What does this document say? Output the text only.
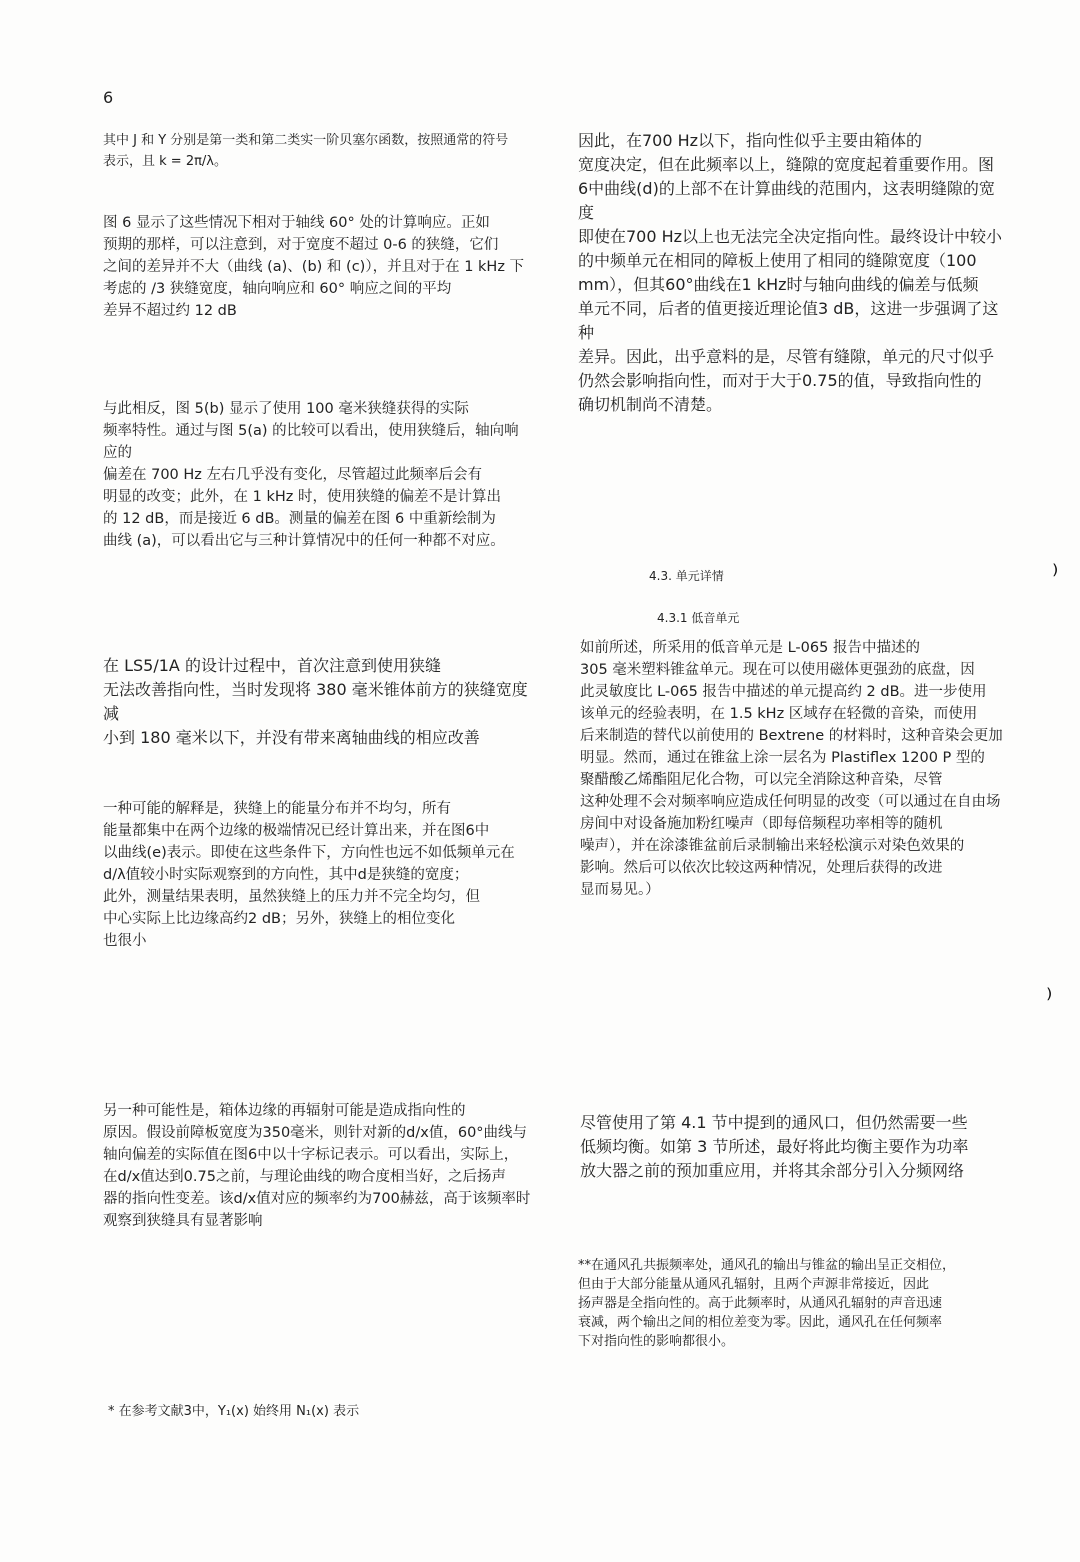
6

其中 J 和 Y 分别是第一类和第二类实一阶贝塞尔函数，按照通常的符号
表示，且 k = 2π/λ。

图 6 显示了这些情况下相对于轴线 60° 处的计算响应。正如
预期的那样，可以注意到，对于宽度不超过 0-6 的狭缝，它们
之间的差异并不大（曲线 (a)、(b) 和 (c)），并且对于在 1 kHz 下
考虑的 /3 狭缝宽度，轴向响应和 60° 响应之间的平均
差异不超过约 12 dB

与此相反，图 5(b) 显示了使用 100 毫米狭缝获得的实际
频率特性。通过与图 5(a) 的比较可以看出，使用狭缝后，轴向响应的
偏差在 700 Hz 左右几乎没有变化，尽管超过此频率后会有
明显的改变；此外，在 1 kHz 时，使用狭缝的偏差不是计算出
的 12 dB，而是接近 6 dB。测量的偏差在图 6 中重新绘制为
曲线 (a)，可以看出它与三种计算情况中的任何一种都不对应。

在 LS5/1A 的设计过程中，首次注意到使用狭缝
无法改善指向性，当时发现将 380 毫米锥体前方的狭缝宽度减
小到 180 毫米以下，并没有带来离轴曲线的相应改善

一种可能的解释是，狭缝上的能量分布并不均匀，所有
能量都集中在两个边缘的极端情况已经计算出来，并在图6中
以曲线(e)表示。即使在这些条件下，方向性也远不如低频单元在
d/λ值较小时实际观察到的方向性，其中d是狭缝的宽度；
此外，测量结果表明，虽然狭缝上的压力并不完全均匀，但
中心实际上比边缘高约2 dB；另外，狭缝上的相位变化
也很小

另一种可能性是，箱体边缘的再辐射可能是造成指向性的
原因。假设前障板宽度为350毫米，则针对新的d/x值，60°曲线与
轴向偏差的实际值在图6中以十字标记表示。可以看出，实际上，
在d/x值达到0.75之前，与理论曲线的吻合度相当好，之后扬声
器的指向性变差。该d/x值对应的频率约为700赫兹，高于该频率时
观察到狭缝具有显著影响

* 在参考文献3中，Y₁(x) 始终用 N₁(x) 表示

因此，在700 Hz以下，指向性似乎主要由箱体的
宽度决定，但在此频率以上，缝隙的宽度起着重要作用。图
6中曲线(d)的上部不在计算曲线的范围内，这表明缝隙的宽度
即使在700 Hz以上也无法完全决定指向性。最终设计中较小
的中频单元在相同的障板上使用了相同的缝隙宽度（100
mm），但其60°曲线在1 kHz时与轴向曲线的偏差与低频
单元不同，后者的值更接近理论值3 dB，这进一步强调了这种
差异。因此，出乎意料的是，尽管有缝隙，单元的尺寸似乎
仍然会影响指向性，而对于大于0.75的值，导致指向性的
确切机制尚不清楚。

4.3. 单元详情
4.3.1 低音单元

如前所述，所采用的低音单元是 L-065 报告中描述的
305 毫米塑料锥盆单元。现在可以使用磁体更强劲的底盘，因
此灵敏度比 L-065 报告中描述的单元提高约 2 dB。进一步使用
该单元的经验表明，在 1.5 kHz 区域存在轻微的音染，而使用
后来制造的替代以前使用的 Bextrene 的材料时，这种音染会更加
明显。然而，通过在锥盆上涂一层名为 Plastiflex 1200 P 型的
聚醋酸乙烯酯阻尼化合物，可以完全消除这种音染，尽管
这种处理不会对频率响应造成任何明显的改变（可以通过在自由场
房间中对设备施加粉红噪声（即每倍频程功率相等的随机
噪声），并在涂漆锥盆前后录制输出来轻松演示对染色效果的
影响。然后可以依次比较这两种情况，处理后获得的改进
显而易见。）

尽管使用了第 4.1 节中提到的通风口，但仍然需要一些
低频均衡。如第 3 节所述，最好将此均衡主要作为功率
放大器之前的预加重应用，并将其余部分引入分频网络

**在通风孔共振频率处，通风孔的输出与锥盆的输出呈正交相位，
但由于大部分能量从通风孔辐射，且两个声源非常接近，因此
扬声器是全指向性的。高于此频率时，从通风孔辐射的声音迅速
衰减，两个输出之间的相位差变为零。因此，通风孔在任何频率
下对指向性的影响都很小。
⁾
⁾
